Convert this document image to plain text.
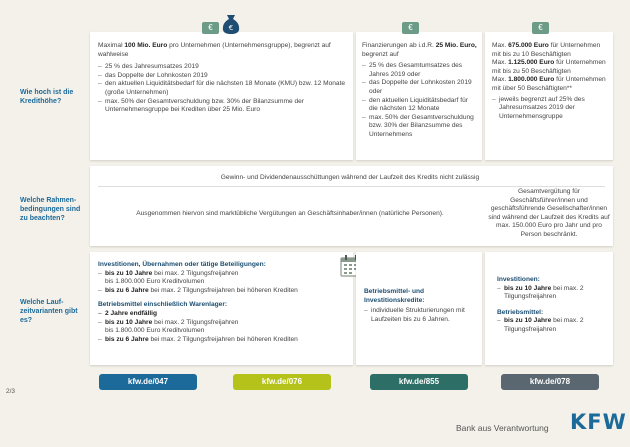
Wie hoch ist die Kredithöhe?
Welche Rahmen-bedingungen sind zu beachten?
Welche Lauf-zeitvarianten gibt es?
€	€
Maximal 100 Mio. Euro pro Unternehmen (Unternehmensgruppe), begrenzt auf wahlweise
– 25 % des Jahresumsatzes 2019
– das Doppelte der Lohnkosten 2019
– den aktuellen Liquiditätsbedarf für die nächsten 18 Monate (KMU) bzw. 12 Monate (große Unternehmen)
– max. 50% der Gesamtverschuldung bzw. 30% der Bilanzsumme der Unternehmensgruppe bei Krediten über 25 Mio. Euro
€
Finanzierungen ab i.d.R. 25 Mio. Euro, begrenzt auf
– 25 % des Gesamtumsatzes des Jahres 2019 oder
– das Doppelte der Lohnkosten 2019 oder
– den aktuellen Liquiditätsbedarf für die nächsten 12 Monate
– max. 50% der Gesamtverschuldung bzw. 30% der Bilanzsumme des Unternehmens
€
Max. 675.000 Euro für Unternehmen mit bis zu 10 Beschäftigten
Max. 1.125.000 Euro für Unternehmen mit bis zu 50 Beschäftigten
Max. 1.800.000 Euro für Unternehmen mit über 50 Beschäftigten**
– jeweils begrenzt auf 25% des Jahresumsatzes 2019 der Unternehmensgruppe
Gewinn- und Dividendenausschüttungen während der Laufzeit des Kredits nicht zulässig
Ausgenommen hiervon sind marktübliche Vergütungen an Geschäftsinhaber/innen (natürliche Personen).
Gesamtvergütung für Geschäftsführer/innen und geschäftsführende Gesellschafter/innen sind während der Laufzeit des Kredits auf max. 150.000 Euro pro Jahr und pro Person beschränkt.
Investitionen, Übernahmen oder tätige Beteiligungen:
– bis zu 10 Jahre bei max. 2 Tilgungsfreijahren
bis 1.800.000 Euro Kreditvolumen
– bis zu 6 Jahre bei max. 2 Tilgungsfreijahren bei höheren Krediten
Betriebsmittel einschließlich Warenlager:
– 2 Jahre endfällig
– bis zu 10 Jahre bei max. 2 Tilgungsfreijahren
bis 1.800.000 Euro Kreditvolumen
– bis zu 6 Jahre bei max. 2 Tilgungsfreijahren bei höheren Krediten
Betriebsmittel- und Investitionskredite:
– individuelle Strukturierungen mit Laufzeiten bis zu 6 Jahren.
Investitionen:
– bis zu 10 Jahre bei max. 2 Tilgungsfreijahren
Betriebsmittel:
– bis zu 10 Jahre bei max. 2 Tilgungsfreijahren
kfw.de/047	kfw.de/076	kfw.de/855	kfw.de/078
2/3
Bank aus Verantwortung KFW
